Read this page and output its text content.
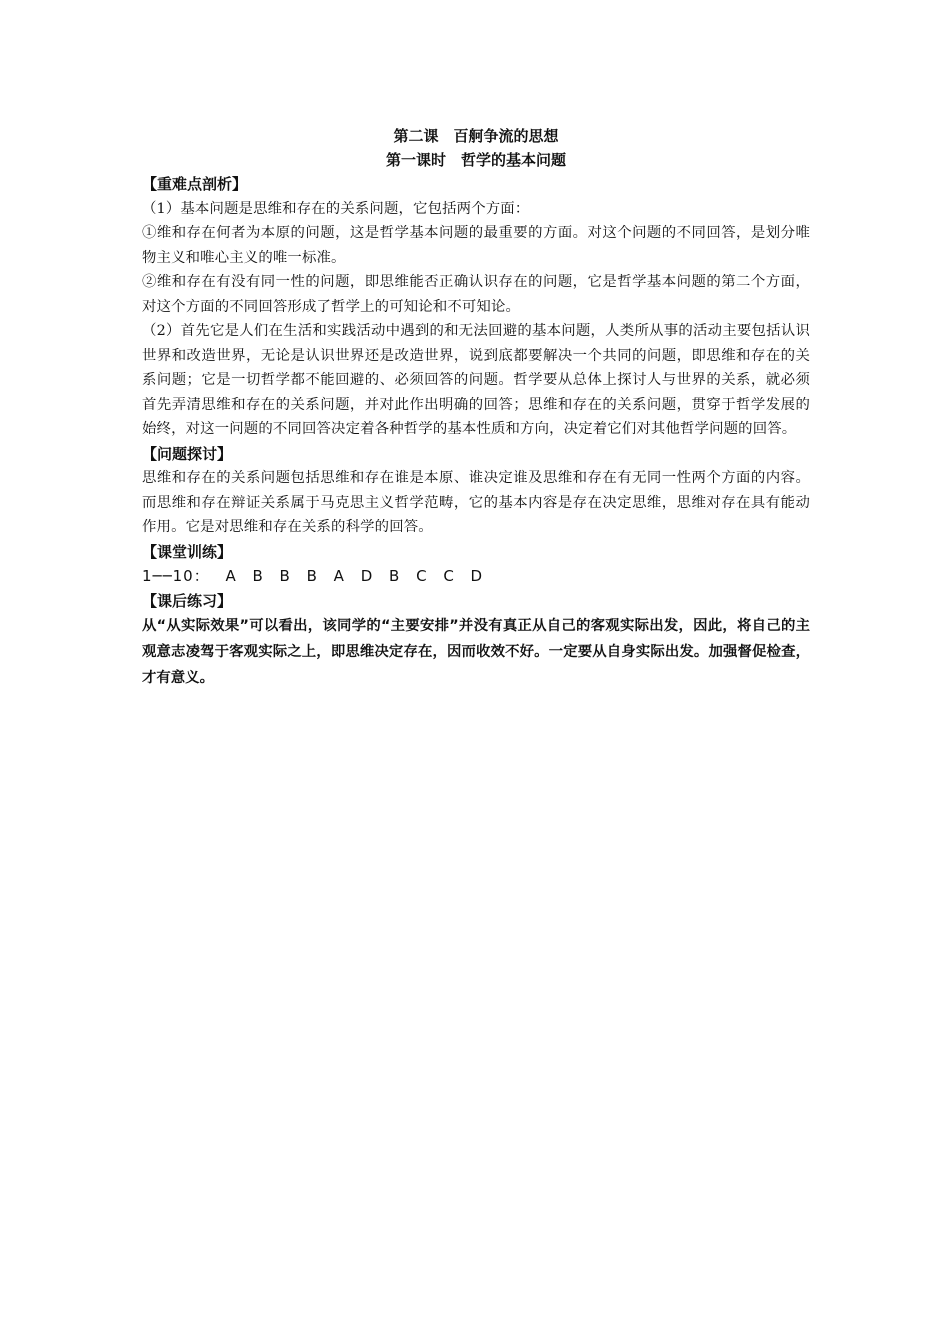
第二课　百舸争流的思想

第一课时　哲学的基本问题

【重难点剖析】

（1）基本问题是思维和存在的关系问题，它包括两个方面：

①维和存在何者为本原的问题，这是哲学基本问题的最重要的方面。对这个问题的不同回答，是划分唯物主义和唯心主义的唯一标准。

②维和存在有没有同一性的问题，即思维能否正确认识存在的问题，它是哲学基本问题的第二个方面，对这个方面的不同回答形成了哲学上的可知论和不可知论。

（2）首先它是人们在生活和实践活动中遇到的和无法回避的基本问题，人类所从事的活动主要包括认识世界和改造世界，无论是认识世界还是改造世界，说到底都要解决一个共同的问题，即思维和存在的关系问题；它是一切哲学都不能回避的、必须回答的问题。哲学要从总体上探讨人与世界的关系，就必须首先弄清思维和存在的关系问题，并对此作出明确的回答；思维和存在的关系问题，贯穿于哲学发展的始终，对这一问题的不同回答决定着各种哲学的基本性质和方向，决定着它们对其他哲学问题的回答。

【问题探讨】

思维和存在的关系问题包括思维和存在谁是本原、谁决定谁及思维和存在有无同一性两个方面的内容。而思维和存在辩证关系属于马克思主义哲学范畴，它的基本内容是存在决定思维，思维对存在具有能动作用。它是对思维和存在关系的科学的回答。

【课堂训练】

1──10： A B B B A D B C C D

【课后练习】

从“从实际效果”可以看出，该同学的“主要安排”并没有真正从自己的客观实际出发，因此，将自己的主观意志凌驾于客观实际之上，即思维决定存在，因而收效不好。一定要从自身实际出发。加强督促检查，才有意义。
